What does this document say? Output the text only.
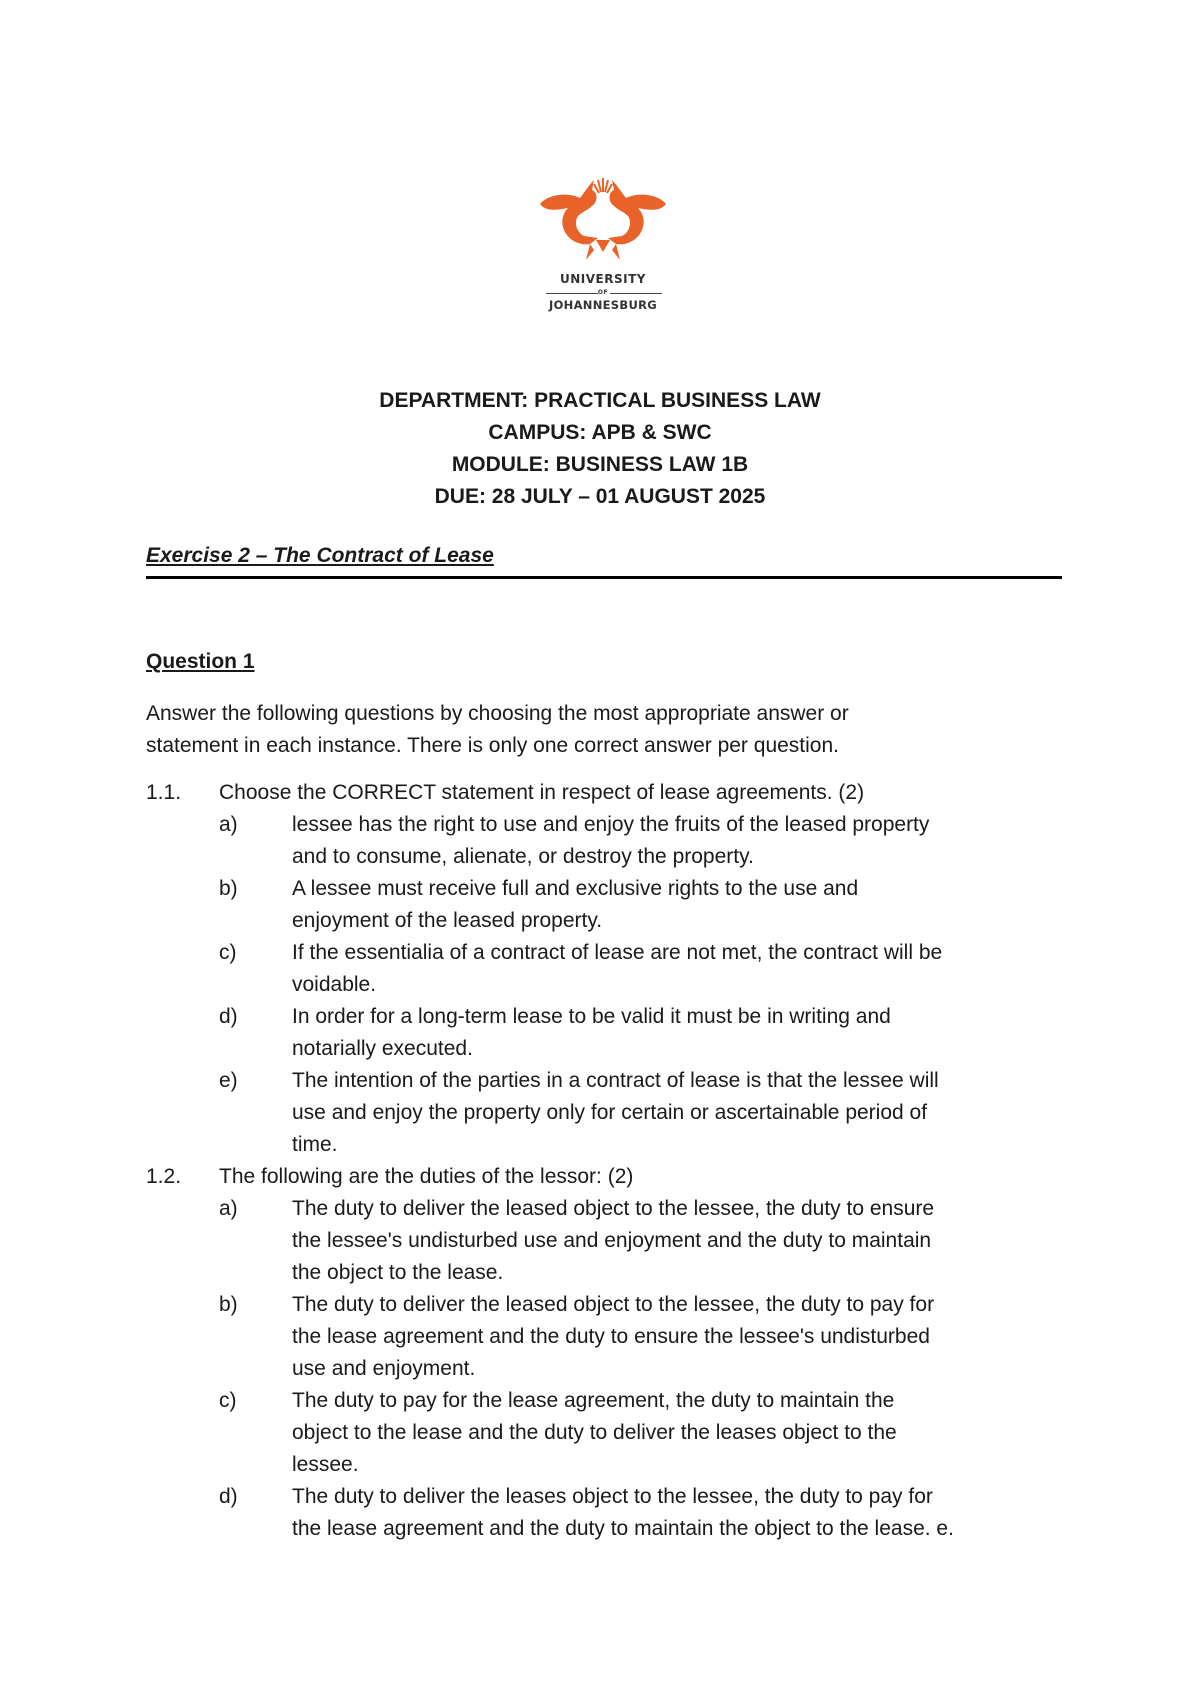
UNIVERSITY
OF
JOHANNESBURG
DEPARTMENT: PRACTICAL BUSINESS LAW
CAMPUS: APB & SWC
MODULE: BUSINESS LAW 1B
DUE: 28 JULY – 01 AUGUST 2025
Exercise 2 – The Contract of Lease
Question 1
Answer the following questions by choosing the most appropriate answer or
statement in each instance. There is only one correct answer per question.
1.1. Choose the CORRECT statement in respect of lease agreements. (2)
a)	lessee has the right to use and enjoy the fruits of the leased property
and to consume, alienate, or destroy the property.
b)	A lessee must receive full and exclusive rights to the use and
enjoyment of the leased property.
c)	If the essentialia of a contract of lease are not met, the contract will be
voidable.
d)	In order for a long-term lease to be valid it must be in writing and
notarially executed.
e)	The intention of the parties in a contract of lease is that the lessee will
use and enjoy the property only for certain or ascertainable period of
time.
1.2. The following are the duties of the lessor: (2)
a)	The duty to deliver the leased object to the lessee, the duty to ensure
the lessee's undisturbed use and enjoyment and the duty to maintain
the object to the lease.
b)	The duty to deliver the leased object to the lessee, the duty to pay for
the lease agreement and the duty to ensure the lessee's undisturbed
use and enjoyment.
c)	The duty to pay for the lease agreement, the duty to maintain the
object to the lease and the duty to deliver the leases object to the
lessee.
d)	The duty to deliver the leases object to the lessee, the duty to pay for
the lease agreement and the duty to maintain the object to the lease. e.
